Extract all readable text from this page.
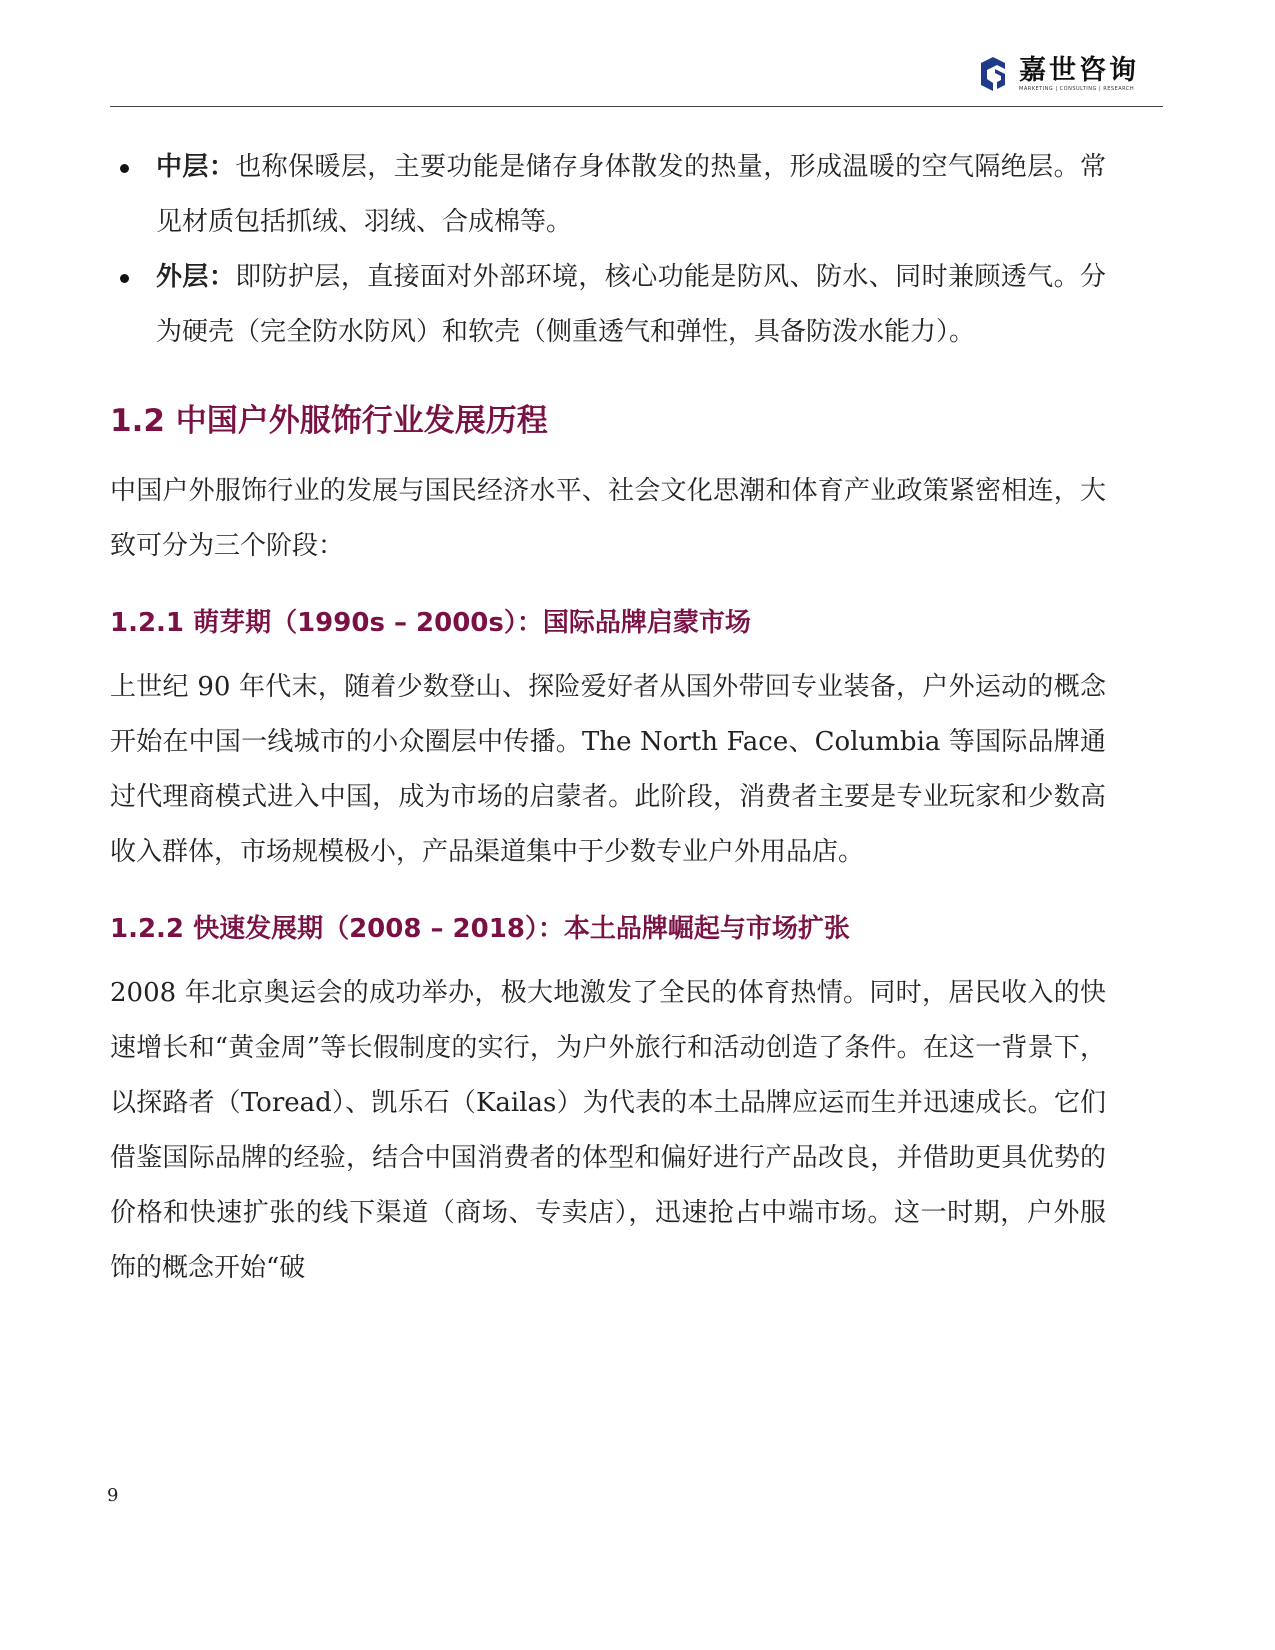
嘉世咨询
MARKETING | CONSULTING | RESEARCH
中层：也称保暖层，主要功能是储存身体散发的热量，形成温暖的空气隔绝层。常见材质包括抓绒、羽绒、合成棉等。
外层：即防护层，直接面对外部环境，核心功能是防风、防水、同时兼顾透气。分为硬壳（完全防水防风）和软壳（侧重透气和弹性，具备防泼水能力）。
1.2 中国户外服饰行业发展历程

中国户外服饰行业的发展与国民经济水平、社会文化思潮和体育产业政策紧密相连，大致可分为三个阶段：

1.2.1 萌芽期（1990s – 2000s）：国际品牌启蒙市场

上世纪 90 年代末，随着少数登山、探险爱好者从国外带回专业装备，户外运动的概念开始在中国一线城市的小众圈层中传播。The North Face、Columbia 等国际品牌通过代理商模式进入中国，成为市场的启蒙者。此阶段，消费者主要是专业玩家和少数高收入群体，市场规模极小，产品渠道集中于少数专业户外用品店。

1.2.2 快速发展期（2008 – 2018）：本土品牌崛起与市场扩张

2008 年北京奥运会的成功举办，极大地激发了全民的体育热情。同时，居民收入的快速增长和“黄金周”等长假制度的实行，为户外旅行和活动创造了条件。在这一背景下，以探路者（Toread）、凯乐石（Kailas）为代表的本土品牌应运而生并迅速成长。它们借鉴国际品牌的经验，结合中国消费者的体型和偏好进行产品改良，并借助更具优势的价格和快速扩张的线下渠道（商场、专卖店），迅速抢占中端市场。这一时期，户外服饰的概念开始“破

9
